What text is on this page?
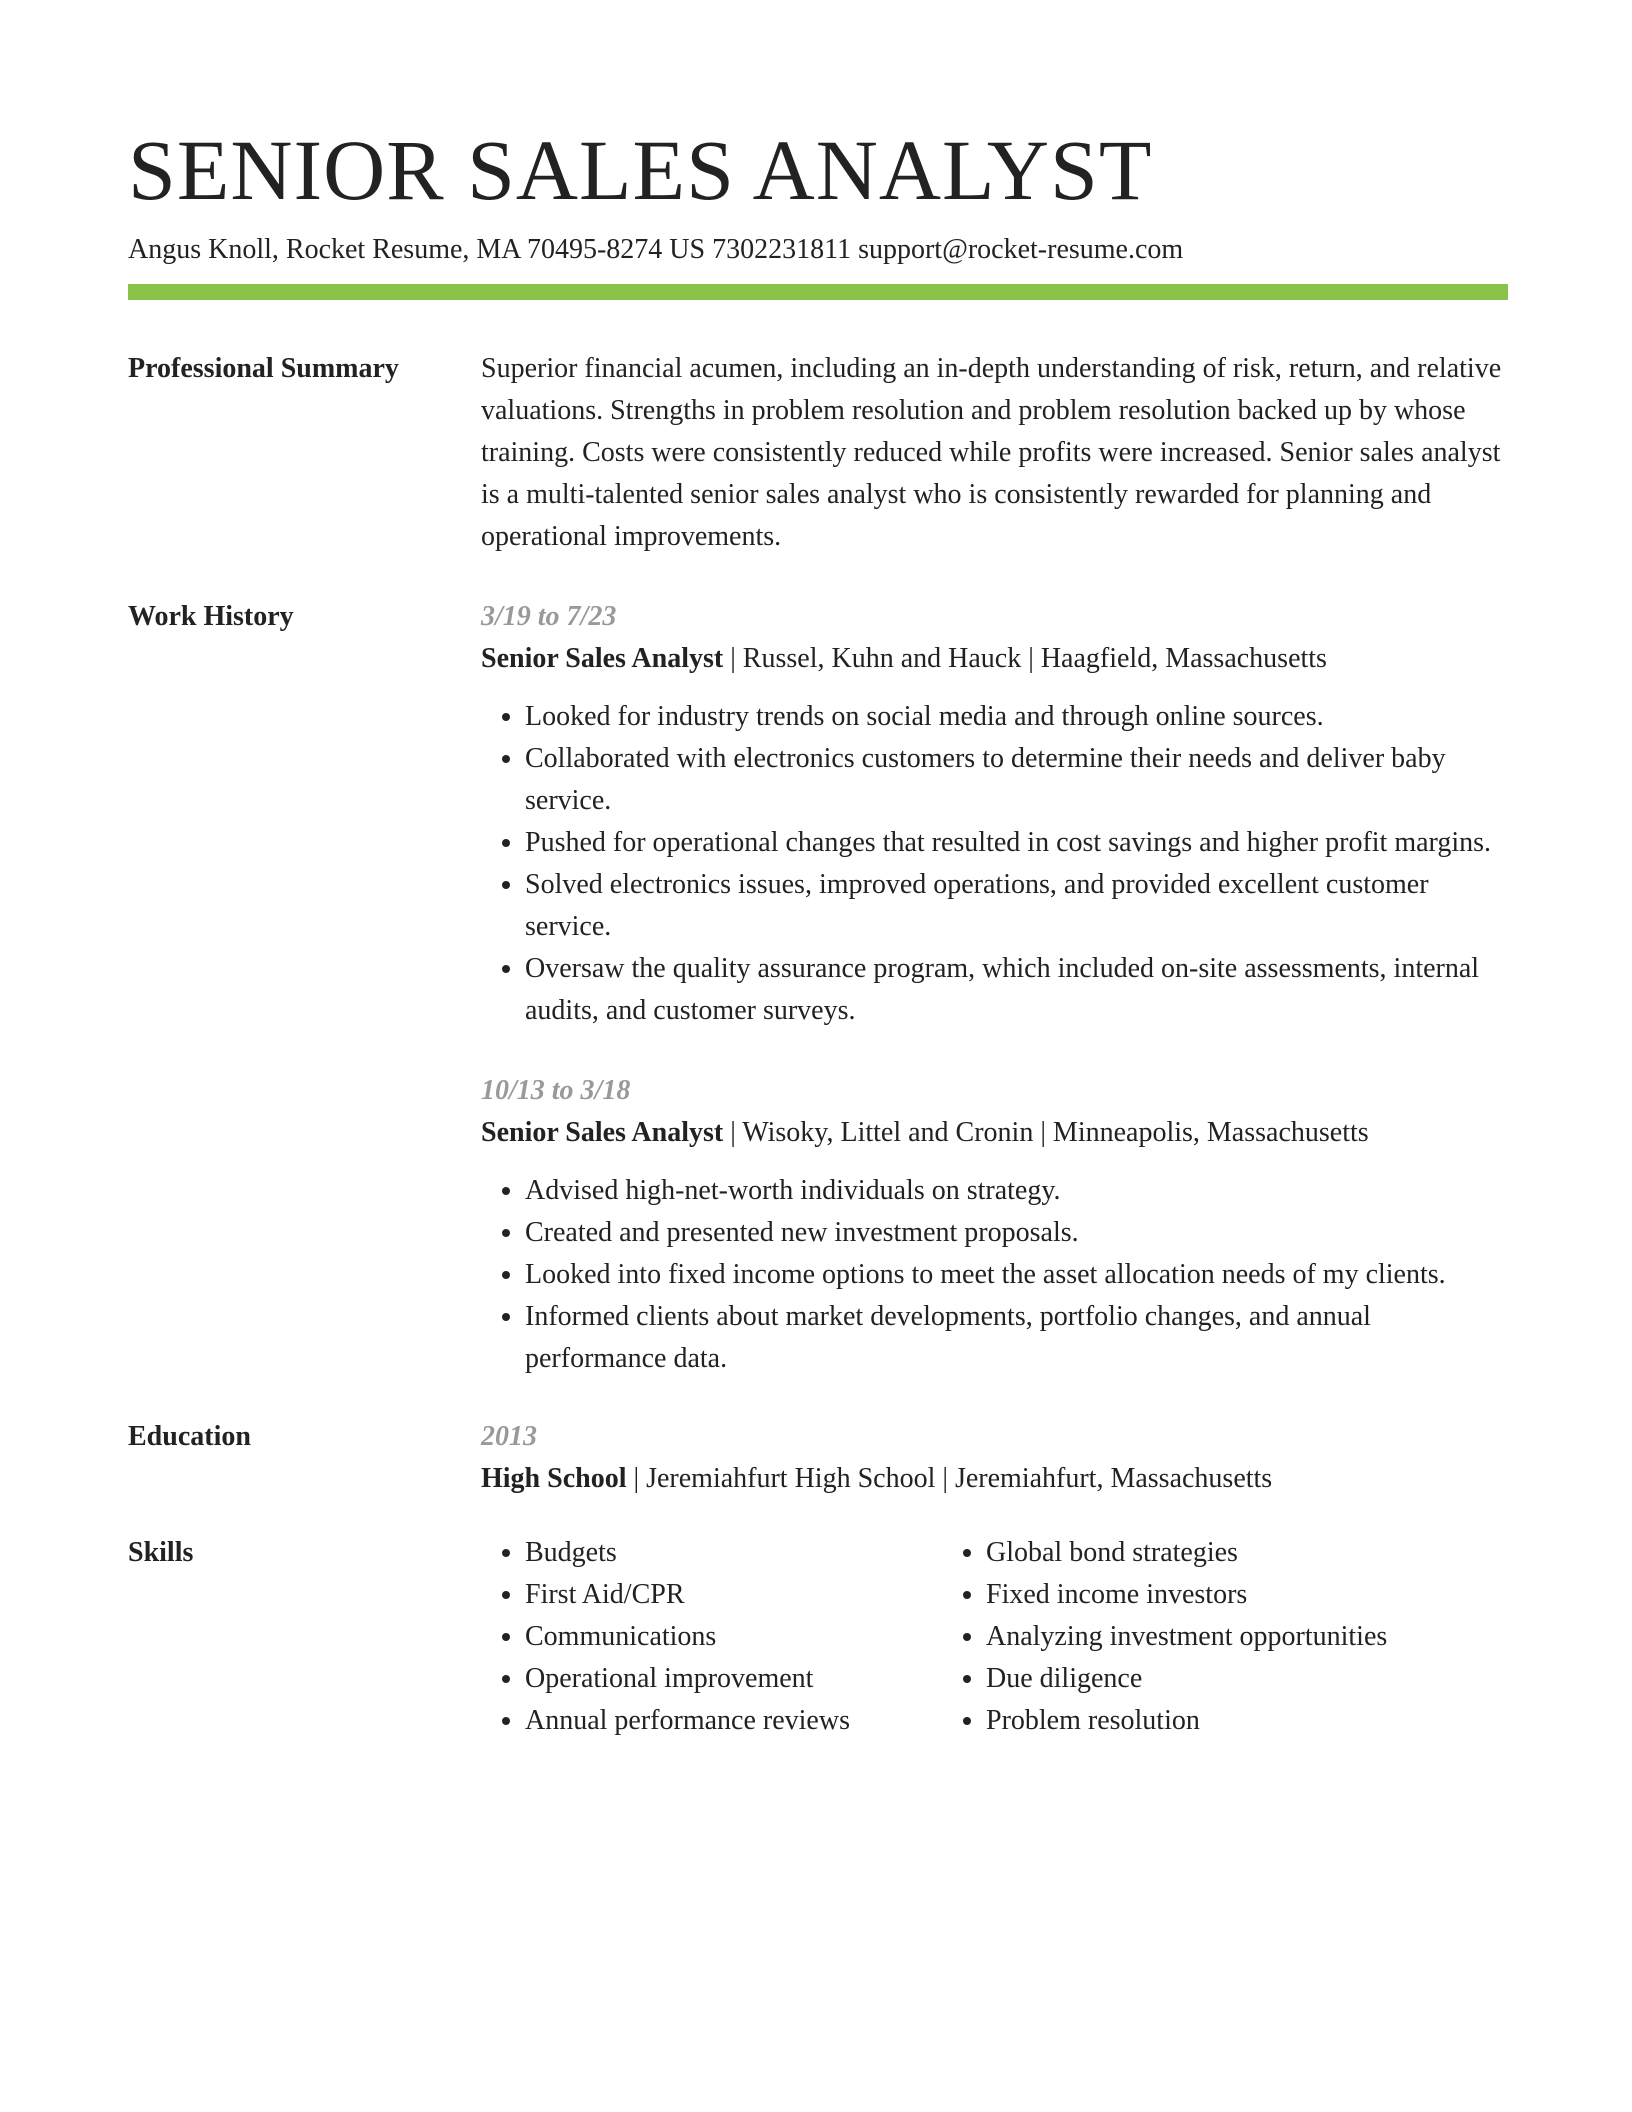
SENIOR SALES ANALYST
Angus Knoll, Rocket Resume, MA 70495-8274 US 7302231811 support@rocket-resume.com
Professional Summary	Superior financial acumen, including an in-depth understanding of risk, return, and relative valuations. Strengths in problem resolution and problem resolution backed up by whose training. Costs were consistently reduced while profits were increased. Senior sales analyst is a multi-talented senior sales analyst who is consistently rewarded for planning and operational improvements.
Work History	3/19 to 7/23
Senior Sales Analyst | Russel, Kuhn and Hauck | Haagfield, Massachusetts
• Looked for industry trends on social media and through online sources.
• Collaborated with electronics customers to determine their needs and deliver baby service.
• Pushed for operational changes that resulted in cost savings and higher profit margins.
• Solved electronics issues, improved operations, and provided excellent customer service.
• Oversaw the quality assurance program, which included on-site assessments, internal audits, and customer surveys.
10/13 to 3/18
Senior Sales Analyst | Wisoky, Littel and Cronin | Minneapolis, Massachusetts
• Advised high-net-worth individuals on strategy.
• Created and presented new investment proposals.
• Looked into fixed income options to meet the asset allocation needs of my clients.
• Informed clients about market developments, portfolio changes, and annual performance data.
Education	2013
High School | Jeremiahfurt High School | Jeremiahfurt, Massachusetts
Skills
•	Budgets
• First Aid/CPR
• Communications
• Operational improvement
• Annual performance reviews
• Global bond strategies
• Fixed income investors
• Analyzing investment opportunities
• Due diligence
• Problem resolution
